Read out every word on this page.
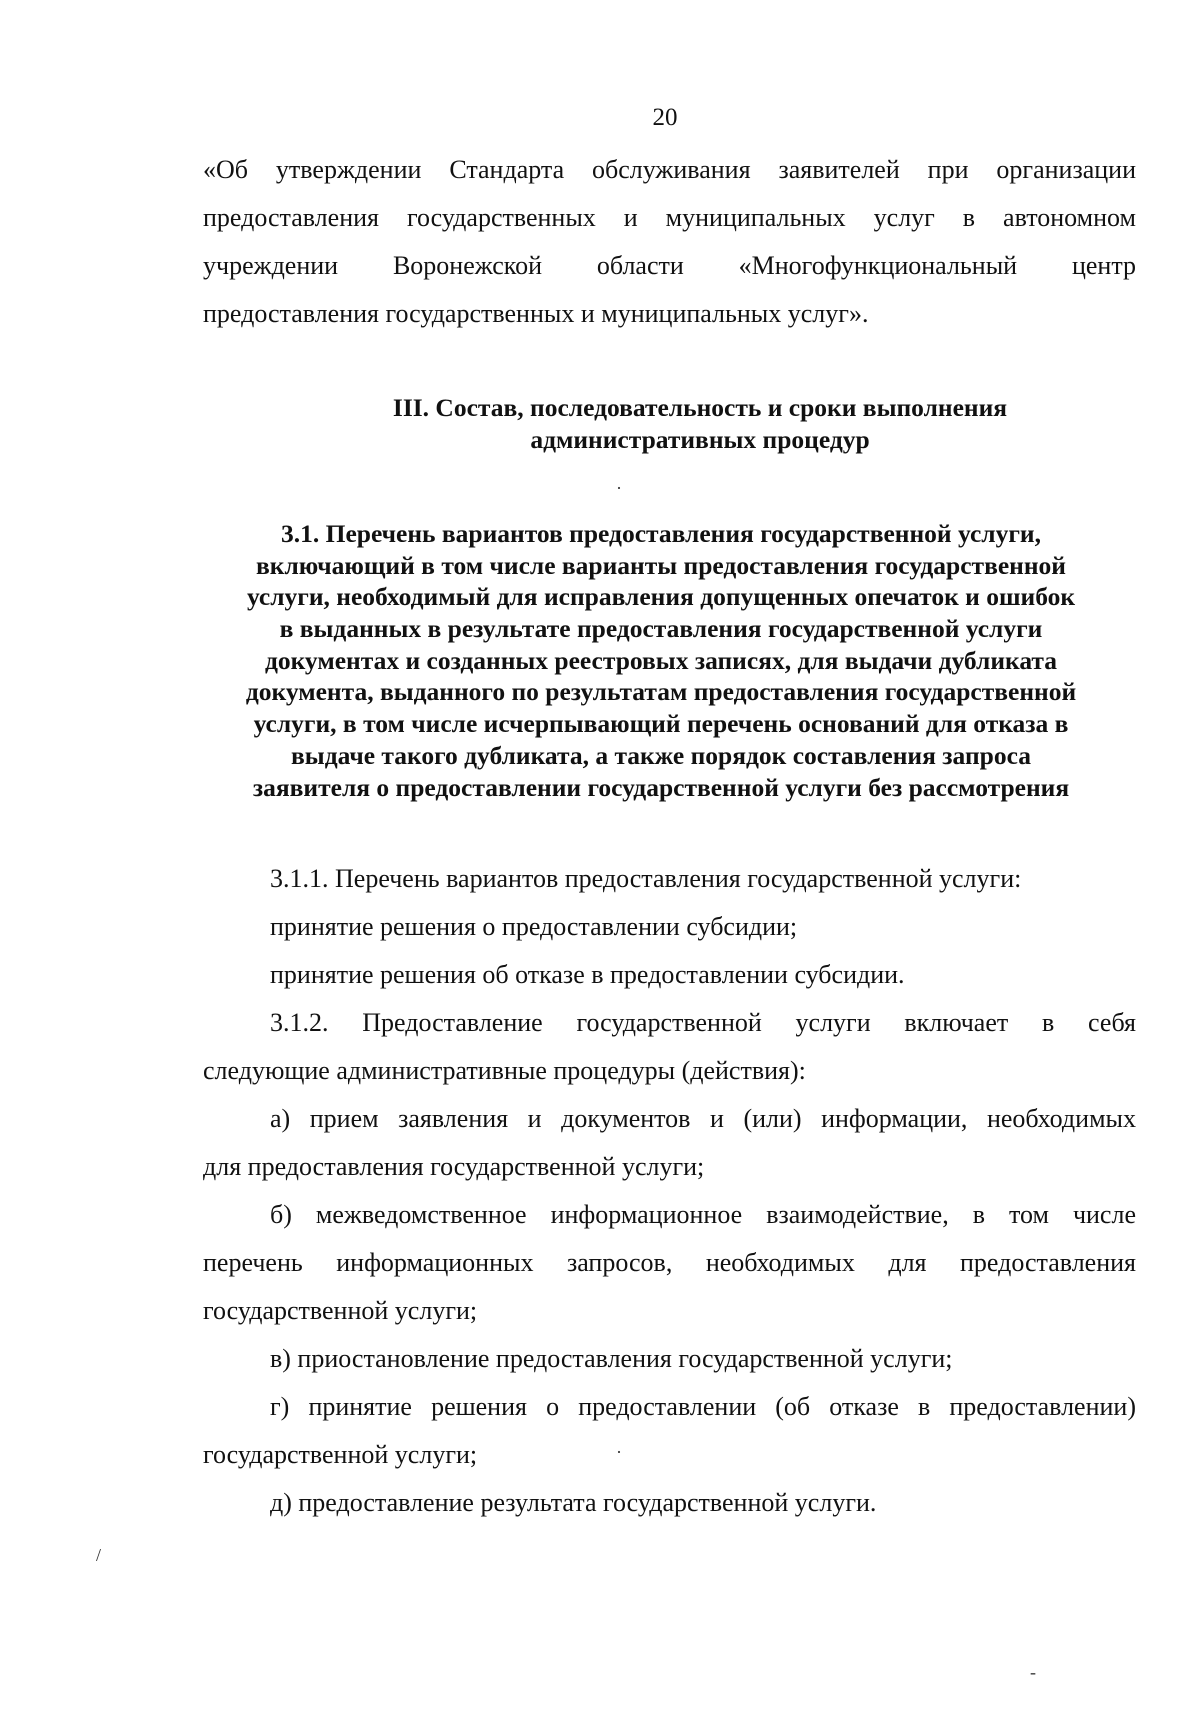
20
«Об утверждении Стандарта обслуживания заявителей при организации
предоставления государственных и муниципальных услуг в автономном
учреждении Воронежской области «Многофункциональный центр
предоставления государственных и муниципальных услуг».
III. Состав, последовательность и сроки выполнения
административных процедур
3.1. Перечень вариантов предоставления государственной услуги,
включающий в том числе варианты предоставления государственной
услуги, необходимый для исправления допущенных опечаток и ошибок
в выданных в результате предоставления государственной услуги
документах и созданных реестровых записях, для выдачи дубликата
документа, выданного по результатам предоставления государственной
услуги, в том числе исчерпывающий перечень оснований для отказа в
выдаче такого дубликата, а также порядок составления запроса
заявителя о предоставлении государственной услуги без рассмотрения
3.1.1. Перечень вариантов предоставления государственной услуги:
принятие решения о предоставлении субсидии;
принятие решения об отказе в предоставлении субсидии.
3.1.2. Предоставление государственной услуги включает в себя
следующие административные процедуры (действия):
а) прием заявления и документов и (или) информации, необходимых
для предоставления государственной услуги;
б) межведомственное информационное взаимодействие, в том числе
перечень информационных запросов, необходимых для предоставления
государственной услуги;
в) приостановление предоставления государственной услуги;
г) принятие решения о предоставлении (об отказе в предоставлении)
государственной услуги;
д) предоставление результата государственной услуги.
·
·
/
-
